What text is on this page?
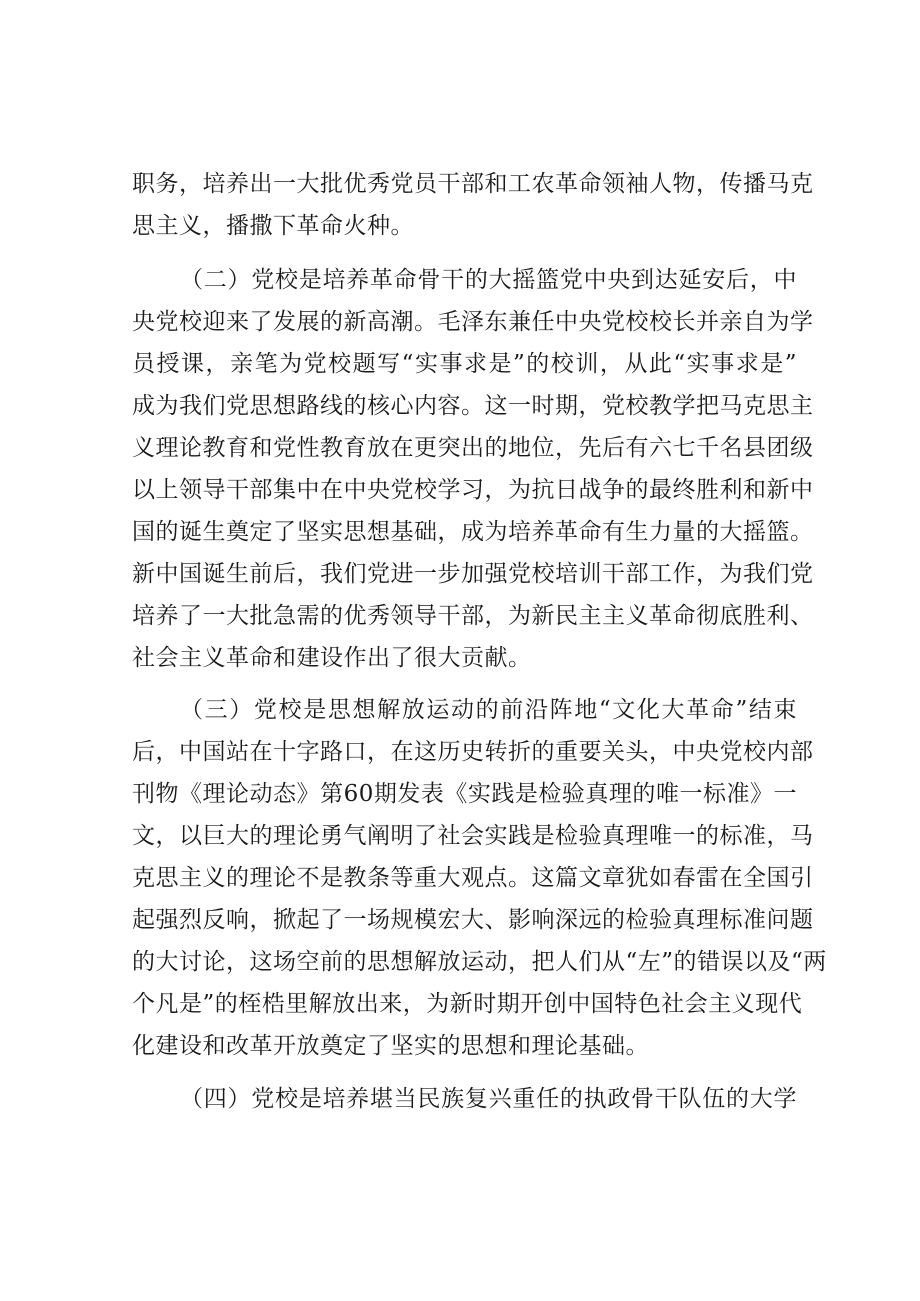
职务，培养出一大批优秀党员干部和工农革命领袖人物，传播马克
思主义，播撒下革命火种。
（二）党校是培养革命骨干的大摇篮党中央到达延安后，中
央党校迎来了发展的新高潮。毛泽东兼任中央党校校长并亲自为学
员授课，亲笔为党校题写“实事求是”的校训，从此“实事求是”
成为我们党思想路线的核心内容。这一时期，党校教学把马克思主
义理论教育和党性教育放在更突出的地位，先后有六七千名县团级
以上领导干部集中在中央党校学习，为抗日战争的最终胜利和新中
国的诞生奠定了坚实思想基础，成为培养革命有生力量的大摇篮。
新中国诞生前后，我们党进一步加强党校培训干部工作，为我们党
培养了一大批急需的优秀领导干部，为新民主主义革命彻底胜利、
社会主义革命和建设作出了很大贡献。
（三）党校是思想解放运动的前沿阵地“文化大革命”结束
后，中国站在十字路口，在这历史转折的重要关头，中央党校内部
刊物《理论动态》第60期发表《实践是检验真理的唯一标准》一
文，以巨大的理论勇气阐明了社会实践是检验真理唯一的标准，马
克思主义的理论不是教条等重大观点。这篇文章犹如春雷在全国引
起强烈反响，掀起了一场规模宏大、影响深远的检验真理标准问题
的大讨论，这场空前的思想解放运动，把人们从“左”的错误以及“两
个凡是”的桎梏里解放出来，为新时期开创中国特色社会主义现代
化建设和改革开放奠定了坚实的思想和理论基础。
（四）党校是培养堪当民族复兴重任的执政骨干队伍的大学
